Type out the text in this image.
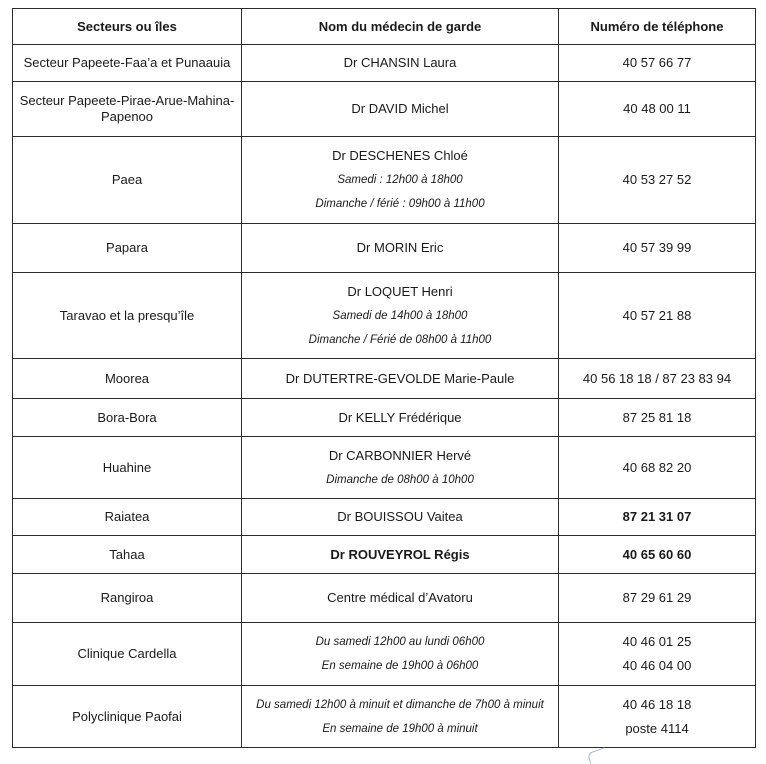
Secteurs ou îles	Nom du médecin de garde	Numéro de téléphone

Secteur Papeete-Faa’a et Punaauia	Dr CHANSIN Laura	40 57 66 77

Secteur Papeete-Pirae-Arue-Mahina-
Papenoo	Dr DAVID Michel	40 48 00 11

Paea	Dr DESCHENES Chloé
Samedi : 12h00 à 18h00
Dimanche / férié : 09h00 à 11h00	40 53 27 52

Papara	Dr MORIN Eric	40 57 39 99

Taravao et la presqu’île	Dr LOQUET Henri
Samedi de 14h00 à 18h00
Dimanche / Férié de 08h00 à 11h00	40 57 21 88

Moorea	Dr DUTERTRE-GEVOLDE Marie-Paule	40 56 18 18 / 87 23 83 94

Bora-Bora	Dr KELLY Frédérique	87 25 81 18

Huahine	Dr CARBONNIER Hervé
Dimanche de 08h00 à 10h00	40 68 82 20

Raiatea	Dr BOUISSOU Vaitea	87 21 31 07

Tahaa	Dr ROUVEYROL Régis	40 65 60 60

Rangiroa	Centre médical d’Avatoru	87 29 61 29

Clinique Cardella	Du samedi 12h00 au lundi 06h00
En semaine de 19h00 à 06h00	40 46 01 25
40 46 04 00

Polyclinique Paofai	Du samedi 12h00 à minuit et dimanche de 7h00 à minuit
En semaine de 19h00 à minuit	40 46 18 18
poste 4114
